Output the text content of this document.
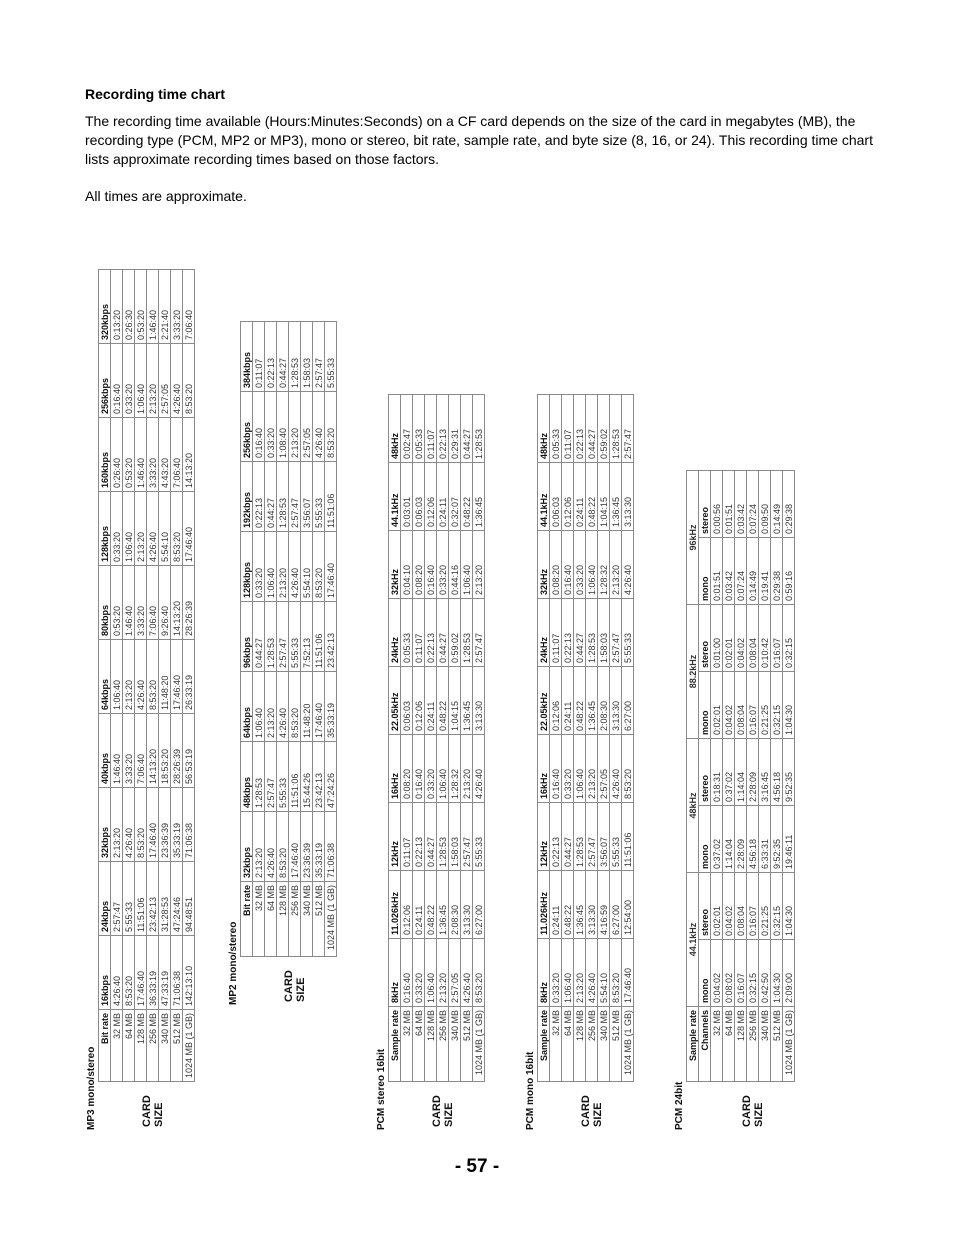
Recording time chart
The recording time available (Hours:Minutes:Seconds) on a CF card depends on the size of the card in megabytes (MB), the recording type (PCM, MP2 or MP3), mono or stereo, bit rate, sample rate, and byte size (8, 16, or 24). This recording time chart lists approximate recording times based on those factors.
All times are approximate.
MP3 mono/stereo
	Bit rate	16kbps	24kbps	32kbps	40kbps	64kbps	80kbps	128kbps	160kbps	256kbps	320kbps

CARD SIZE	32 MB	4:26:40	2:57:47	2:13:20	1:46:40	1:06:40	0:53:20	0:33:20	0:26:40	0:16:40	0:13:20
	64 MB	8:53:20	5:55:33	4:26:40	3:33:20	2:13:20	1:46:40	1:06:40	0:53:20	0:33:20	0:26:30
	128 MB	17:46:40	11:51:06	8:53:20	7:06:40	4:26:40	3:33:20	2:13:20	1:46:40	1:06:40	0:53:20
	256 MB	36:33:19	23:42:13	17:46:40	14:13:20	8:53:20	7:06:40	4:26:40	3:33:20	2:13:20	1:46:40
	340 MB	47:33:19	31:28:53	23:36:39	18:53:20	11:48:20	9:26:40	5:54:10	4:43:20	2:57:05	2:21:40
	512 MB	71:06:38	47:24:46	35:33:19	28:26:39	17:46:40	14:13:20	8:53:20	7:06:40	4:26:40	3:33:20
	1024 MB (1 GB)	142:13:10	94:48:51	71:06:38	56:53:19	26:33:19	28:26:39	17:46:40	14:13:20	8:53:20	7:06:40
MP2 mono/stereo
	Bit rate	32kbps	48kbps	64kbps	96kbps	128kbps	192kbps	256kbps	384kbps

CARD SIZE	32 MB	2:13:20	1:28:53	1:06:40	0:44:27	0:33:20	0:22:13	0:16:40	0:11:07
	64 MB	4:26:40	2:57:47	2:13:20	1:28:53	1:06:40	0:44:27	0:33:20	0:22:13
	128 MB	8:53:20	5:55:33	4:26:40	2:57:47	2:13:20	1:28:53	1:08:40	0:44:27
	256 MB	17:46:40	11:51:06	8:53:20	5:55:33	4:26:40	2:57:47	2:13:20	1:28:53
	340 MB	23:36:39	15:44:26	11:48:20	7:52:13	5:54:10	3:56:07	2:57:05	1:58:03
	512 MB	35:33:19	23:42:13	17:46:40	11:51:06	8:53:20	5:55:33	4:26:40	2:57:47
	1024 MB (1 GB)	71:06:38	47:24:26	35:33:19	23:42:13	17:46:40	11:51:06	8:53:20	5:55:33
PCM stereo 16bit
	Sample rate	8kHz	11.026kHz	12kHz	16kHz	22.05kHz	24kHz	32kHz	44.1kHz	48kHz

CARD SIZE	32 MB	0:16:40	0:12:06	0:11:07	0:08:20	0:06:03	0:05:33	0:04:10	0:03:01	0:02:47
	64 MB	0:33:20	0:24:11	0:22:13	0:16:40	0:12:06	0:11:07	0:08:20	0:06:03	0:05:33
	128 MB	1:06:40	0:48:22	0:44:27	0:33:20	0:24:11	0:22:13	0:16:40	0:12:06	0:11:07
	256 MB	2:13:20	1:36:45	1:28:53	1:06:40	0:48:22	0:44:27	0:33:20	0:24:11	0:22:13
	340 MB	2:57:05	2:08:30	1:58:03	1:28:32	1:04:15	0:59:02	0:44:16	0:32:07	0:29:31
	512 MB	4:26:40	3:13:30	2:57:47	2:13:20	1:36:45	1:28:53	1:06:40	0:48:22	0:44:27
	1024 MB (1 GB)	8:53:20	6:27:00	5:55:33	4:26:40	3:13:30	2:57:47	2:13:20	1:36:45	1:28:53
PCM mono 16bit
	Sample rate	8kHz	11.026kHz	12kHz	16kHz	22.05kHz	24kHz	32kHz	44.1kHz	48kHz

CARD SIZE	32 MB	0:33:20	0:24:11	0:22:13	0:16:40	0:12:06	0:11:07	0:08:20	0:06:03	0:05:33
	64 MB	1:06:40	0:48:22	0:44:27	0:33:20	0:24:11	0:22:13	0:16:40	0:12:06	0:11:07
	128 MB	2:13:20	1:36:45	1:28:53	1:06:40	0:48:22	0:44:27	0:33:20	0:24:11	0:22:13
	256 MB	4:26:40	3:13:30	2:57:47	2:13:20	1:36:45	1:28:53	1:06:40	0:48:22	0:44:27
	340 MB	5:54:10	4:16:59	3:56:07	2:57:05	2:08:30	1:58:03	1:28:32	1:04:15	0:59:02
	512 MB	8:53:20	6:27:00	5:55:33	4:26:40	3:13:30	2:57:47	2:13:20	1:36:45	1:28:53
	1024 MB (1 GB)	17:46:40	12:54:00	11:51:06	8:53:20	6:27:00	5:55:33	4:26:40	3:13:30	2:57:47
PCM 24bit
	Sample rate	44.1kHz		48kHz		88.2kHz		96kHz	
	Channels	mono	stereo	mono	stereo	mono	stereo	mono	stereo

CARD SIZE	32 MB	0:04:02	0:02:01	0:37:02	0:18:31	0:02:01	0:01:00	0:01:51	0:00:56
	64 MB	0:08:02	0:04:02	1:14:04	0:37:02	0:04:02	0:02:01	0:03:42	0:01:51
	128 MB	0:16:07	0:08:04	2:28:09	1:14:04	0:08:04	0:04:02	0:07:24	0:03:42
	256 MB	0:32:15	0:16:07	4:56:18	2:28:09	0:16:07	0:08:04	0:14:49	0:07:24
	340 MB	0:42:50	0:21:25	6:33:31	3:16:45	0:21:25	0:10:42	0:19:41	0:09:50
	512 MB	1:04:30	0:32:15	9:52:35	4:56:18	0:32:15	0:16:07	0:29:38	0:14:49
	1024 MB (1 GB)	2:09:00	1:04:30	19:46:11	9:52:35	1:04:30	0:32:15	0:59:16	0:29:38
- 57 -
